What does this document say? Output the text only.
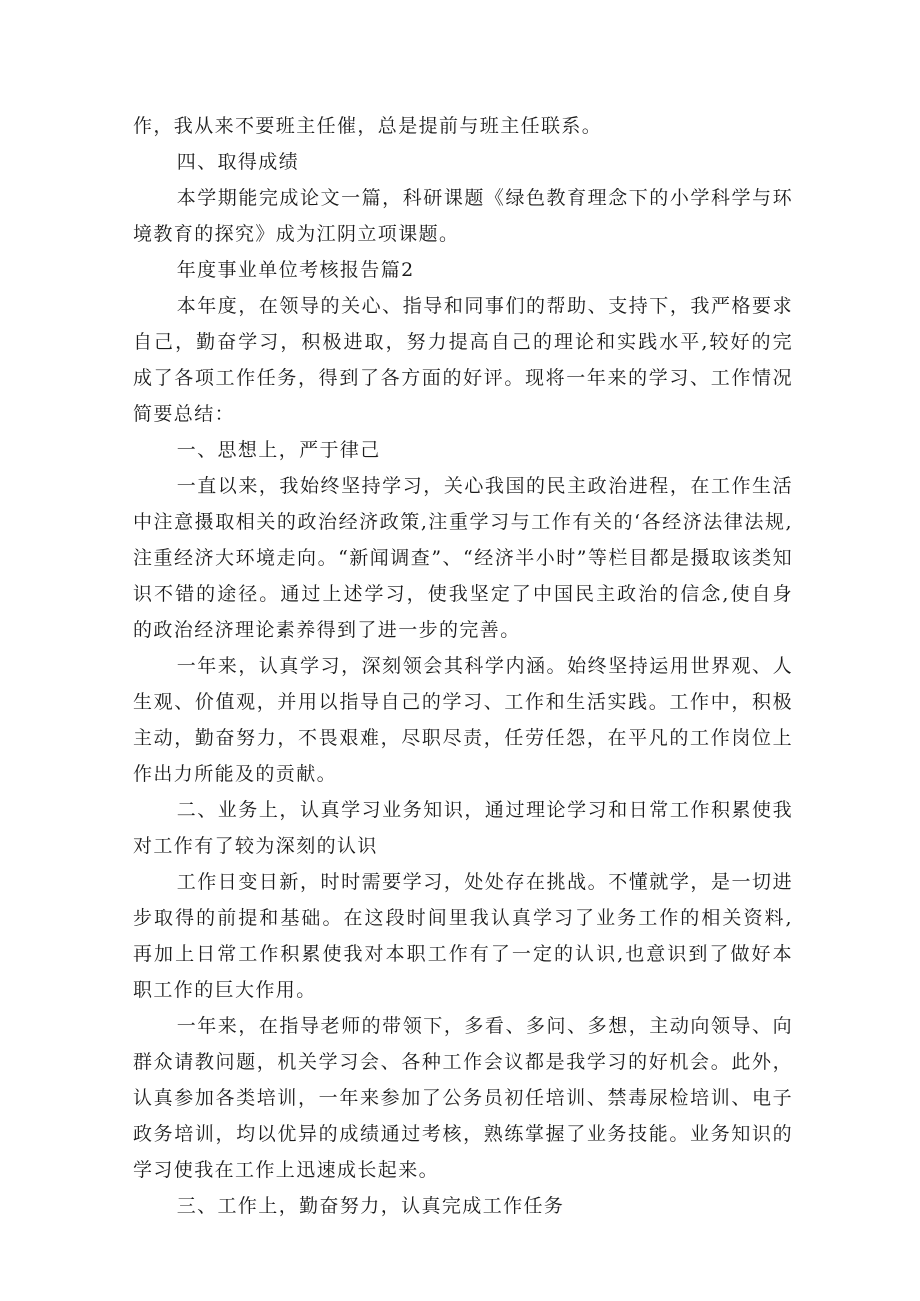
作，我从来不要班主任催，总是提前与班主任联系。

四、取得成绩

本学期能完成论文一篇，科研课题《绿色教育理念下的小学科学与环境教育的探究》成为江阴立项课题。

年度事业单位考核报告篇2

本年度，在领导的关心、指导和同事们的帮助、支持下，我严格要求自己，勤奋学习，积极进取，努力提高自己的理论和实践水平,较好的完成了各项工作任务，得到了各方面的好评。现将一年来的学习、工作情况简要总结：

一、思想上，严于律己

一直以来，我始终坚持学习，关心我国的民主政治进程，在工作生活中注意摄取相关的政治经济政策,注重学习与工作有关的‘各经济法律法规,注重经济大环境走向。“新闻调查”、“经济半小时”等栏目都是摄取该类知识不错的途径。通过上述学习，使我坚定了中国民主政治的信念,使自身的政治经济理论素养得到了进一步的完善。

一年来，认真学习，深刻领会其科学内涵。始终坚持运用世界观、人生观、价值观，并用以指导自己的学习、工作和生活实践。工作中，积极主动，勤奋努力，不畏艰难，尽职尽责，任劳任怨，在平凡的工作岗位上作出力所能及的贡献。

二、业务上，认真学习业务知识，通过理论学习和日常工作积累使我对工作有了较为深刻的认识

工作日变日新，时时需要学习，处处存在挑战。不懂就学，是一切进步取得的前提和基础。在这段时间里我认真学习了业务工作的相关资料,再加上日常工作积累使我对本职工作有了一定的认识,也意识到了做好本职工作的巨大作用。

一年来，在指导老师的带领下，多看、多问、多想，主动向领导、向群众请教问题，机关学习会、各种工作会议都是我学习的好机会。此外，认真参加各类培训，一年来参加了公务员初任培训、禁毒尿检培训、电子政务培训，均以优异的成绩通过考核，熟练掌握了业务技能。业务知识的学习使我在工作上迅速成长起来。

三、工作上，勤奋努力，认真完成工作任务
